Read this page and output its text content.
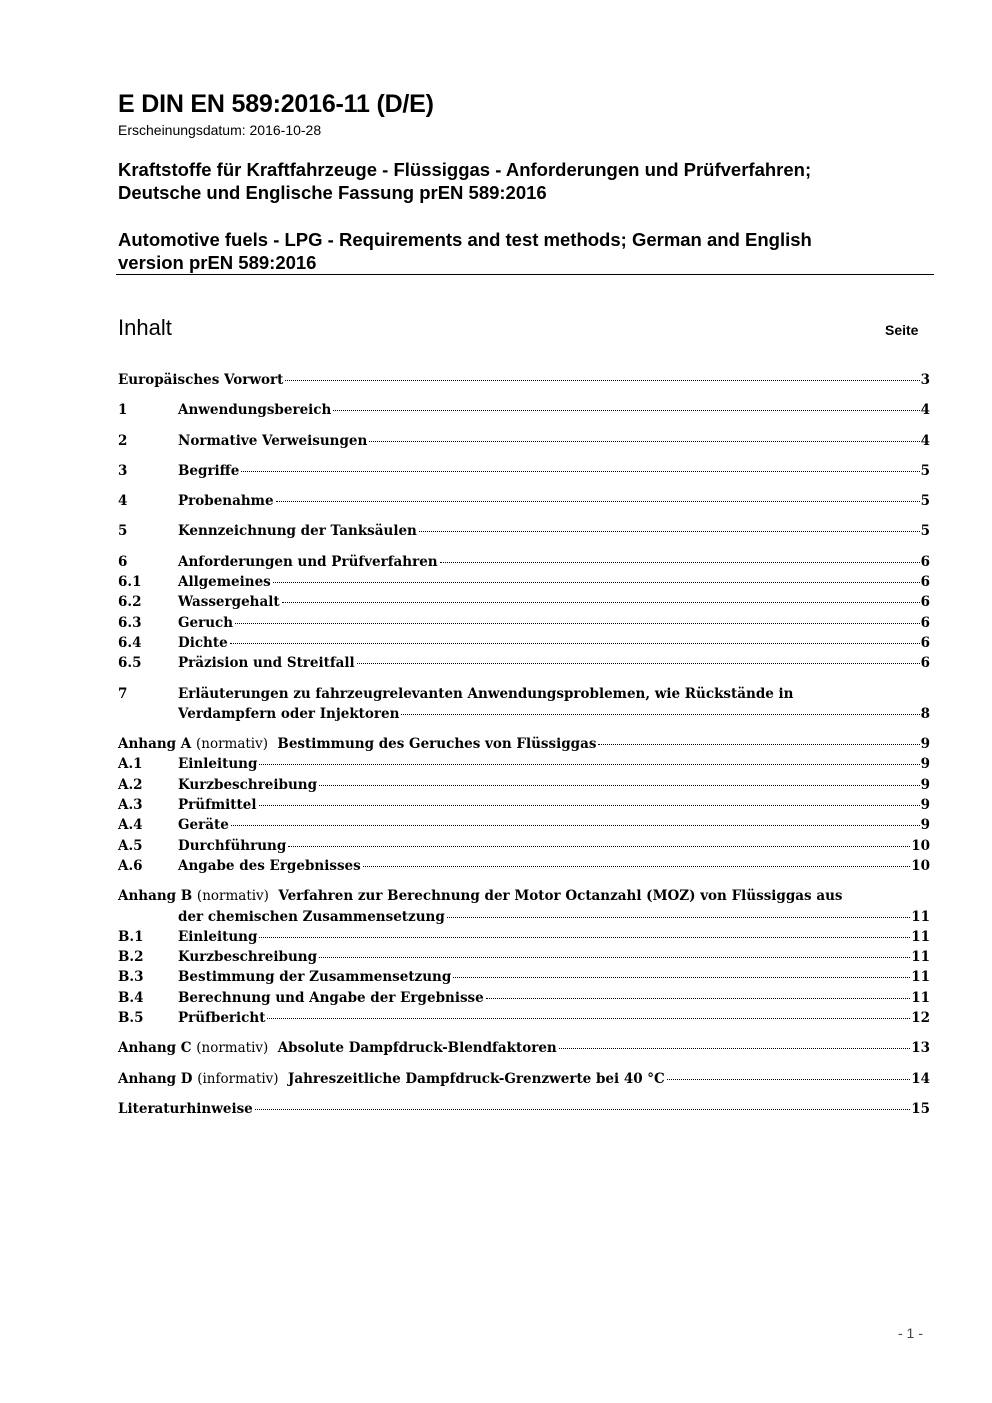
E DIN EN 589:2016-11 (D/E)
Erscheinungsdatum: 2016-10-28
Kraftstoffe für Kraftfahrzeuge - Flüssiggas - Anforderungen und Prüfverfahren;
Deutsche und Englische Fassung prEN 589:2016
Automotive fuels - LPG - Requirements and test methods; German and English
version prEN 589:2016
Inhalt	Seite
Europäisches Vorwort	3
1	Anwendungsbereich	4
2	Normative Verweisungen	4
3	Begriffe	5
4	Probenahme	5
5	Kennzeichnung der Tanksäulen	5
6	Anforderungen und Prüfverfahren	6
6.1	Allgemeines	6
6.2	Wassergehalt	6
6.3	Geruch	6
6.4	Dichte	6
6.5	Präzision und Streitfall	6
7	Erläuterungen zu fahrzeugrelevanten Anwendungsproblemen, wie Rückstände in
Verdampfern oder Injektoren	8
Anhang A (normativ) Bestimmung des Geruches von Flüssiggas	9
A.1	Einleitung	9
A.2	Kurzbeschreibung	9
A.3	Prüfmittel	9
A.4	Geräte	9
A.5	Durchführung	10
A.6	Angabe des Ergebnisses	10
Anhang B (normativ) Verfahren zur Berechnung der Motor Octanzahl (MOZ) von Flüssiggas aus
der chemischen Zusammensetzung	11
B.1	Einleitung	11
B.2	Kurzbeschreibung	11
B.3	Bestimmung der Zusammensetzung	11
B.4	Berechnung und Angabe der Ergebnisse	11
B.5	Prüfbericht	12
Anhang C (normativ) Absolute Dampfdruck-Blendfaktoren	13
Anhang D (informativ) Jahreszeitliche Dampfdruck-Grenzwerte bei 40 °C	14
Literaturhinweise	15
- 1 -
